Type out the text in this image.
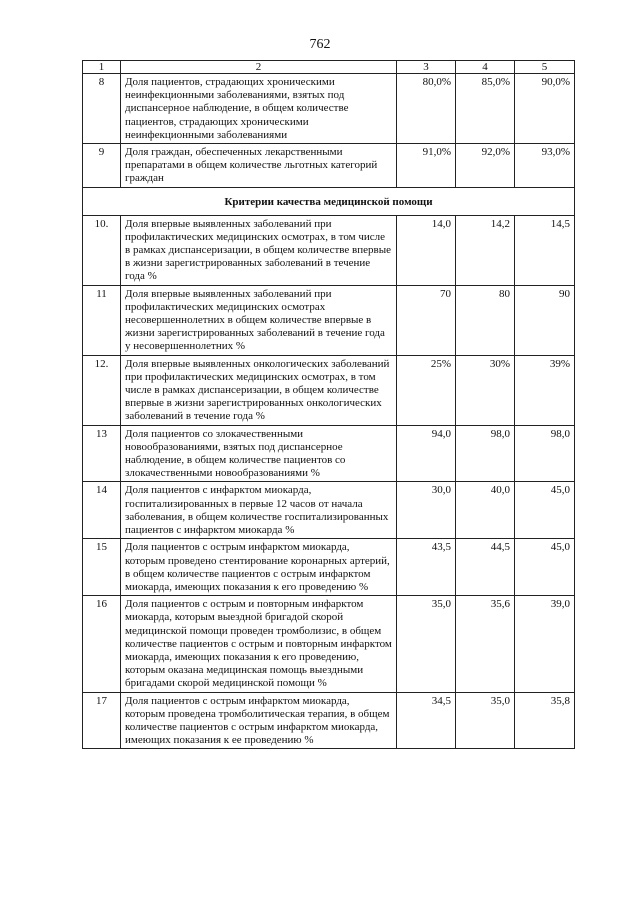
762
1	2	3	4	5
8	Доля пациентов, страдающих хроническими неинфекционными заболеваниями, взятых под диспансерное наблюдение, в общем количестве пациентов, страдающих хроническими неинфекционными заболеваниями	80,0%	85,0%	90,0%
9	Доля граждан, обеспеченных лекарственными препаратами в общем количестве льготных категорий граждан	91,0%	92,0%	93,0%
Критерии качества медицинской помощи				
10.	Доля впервые выявленных заболеваний при профилактических медицинских осмотрах, в том числе в рамках диспансеризации, в общем количестве впервые в жизни зарегистрированных заболеваний в течение года %	14,0	14,2	14,5
11	Доля впервые выявленных заболеваний при профилактических медицинских осмотрах несовершеннолетних в общем количестве впервые в жизни зарегистрированных заболеваний в течение года у несовершеннолетних %	70	80	90
12.	Доля впервые выявленных онкологических заболеваний при профилактических медицинских осмотрах, в том числе в рамках диспансеризации, в общем количестве впервые в жизни зарегистрированных онкологических заболеваний в течение года %	25%	30%	39%
13	Доля пациентов со злокачественными новообразованиями, взятых под диспансерное наблюдение, в общем количестве пациентов со злокачественными новообразованиями %	94,0	98,0	98,0
14	Доля пациентов с инфарктом миокарда, госпитализированных в первые 12 часов от начала заболевания, в общем количестве госпитализированных пациентов с инфарктом миокарда %	30,0	40,0	45,0
15	Доля пациентов с острым инфарктом миокарда, которым проведено стентирование коронарных артерий, в общем количестве пациентов с острым инфарктом миокарда, имеющих показания к его проведению %	43,5	44,5	45,0
16	Доля пациентов с острым и повторным инфарктом миокарда, которым выездной бригадой скорой медицинской помощи проведен тромболизис, в общем количестве пациентов с острым и повторным инфарктом миокарда, имеющих показания к его проведению, которым оказана медицинская помощь выездными бригадами скорой медицинской помощи %	35,0	35,6	39,0
17	Доля пациентов с острым инфарктом миокарда, которым проведена тромболитическая терапия, в общем количестве пациентов с острым инфарктом миокарда, имеющих показания к ее проведению %	34,5	35,0	35,8
